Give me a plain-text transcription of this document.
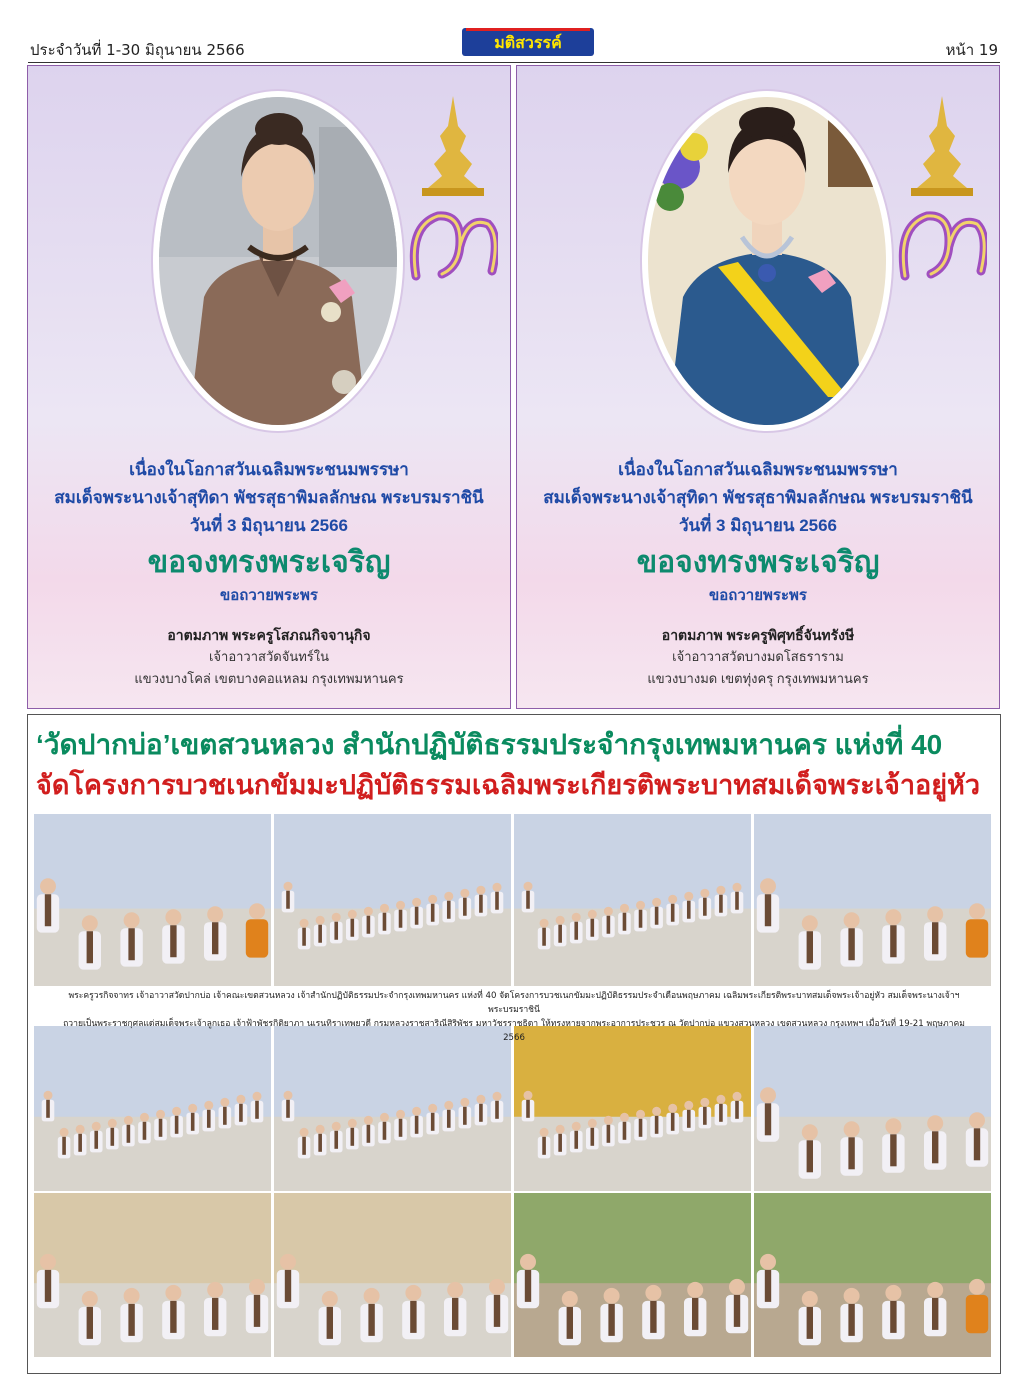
ประจำวันที่ 1-30 มิถุนายน 2566	มติสวรรค์	หน้า 19
เนื่องในโอกาสวันเฉลิมพระชนมพรรษา
สมเด็จพระนางเจ้าสุทิดา พัชรสุธาพิมลลักษณ พระบรมราชินี
วันที่ 3 มิถุนายน 2566
ขอจงทรงพระเจริญ
ขอถวายพระพร
อาตมภาพ พระครูโสภณกิจจานุกิจ
เจ้าอาวาสวัดจันทร์ใน
แขวงบางโคล่ เขตบางคอแหลม กรุงเทพมหานคร
เนื่องในโอกาสวันเฉลิมพระชนมพรรษา
สมเด็จพระนางเจ้าสุทิดา พัชรสุธาพิมลลักษณ พระบรมราชินี
วันที่ 3 มิถุนายน 2566
ขอจงทรงพระเจริญ
ขอถวายพระพร
อาตมภาพ พระครูพิศุทธิ์จันทรังษี
เจ้าอาวาสวัดบางมดโสธราราม
แขวงบางมด เขตทุ่งครุ กรุงเทพมหานคร
‘วัดปากบ่อ’เขตสวนหลวง สำนักปฏิบัติธรรมประจำกรุงเทพมหานคร แห่งที่ 40
จัดโครงการบวชเนกขัมมะปฏิบัติธรรมเฉลิมพระเกียรติพระบาทสมเด็จพระเจ้าอยู่หัว
พระครูวรกิจจาทร เจ้าอาวาสวัดปากบ่อ เจ้าคณะเขตสวนหลวง เจ้าสำนักปฏิบัติธรรมประจำกรุงเทพมหานคร แห่งที่ 40 จัดโครงการบวชเนกขัมมะปฏิบัติธรรมประจำเดือนพฤษภาคม เฉลิมพระเกียรติพระบาทสมเด็จพระเจ้าอยู่หัว สมเด็จพระนางเจ้าฯ พระบรมราชินี
ถวายเป็นพระราชกุศลแด่สมเด็จพระเจ้าลูกเธอ เจ้าฟ้าพัชรกิติยาภา นเรนทิราเทพยวดี กรมหลวงราชสาริณีสิริพัชร มหาวัชรราชธิดา ให้ทรงหายจากพระอาการประชวร ณ วัดปากบ่อ แขวงสวนหลวง เขตสวนหลวง กรุงเทพฯ เมื่อวันที่ 19-21 พฤษภาคม 2566
